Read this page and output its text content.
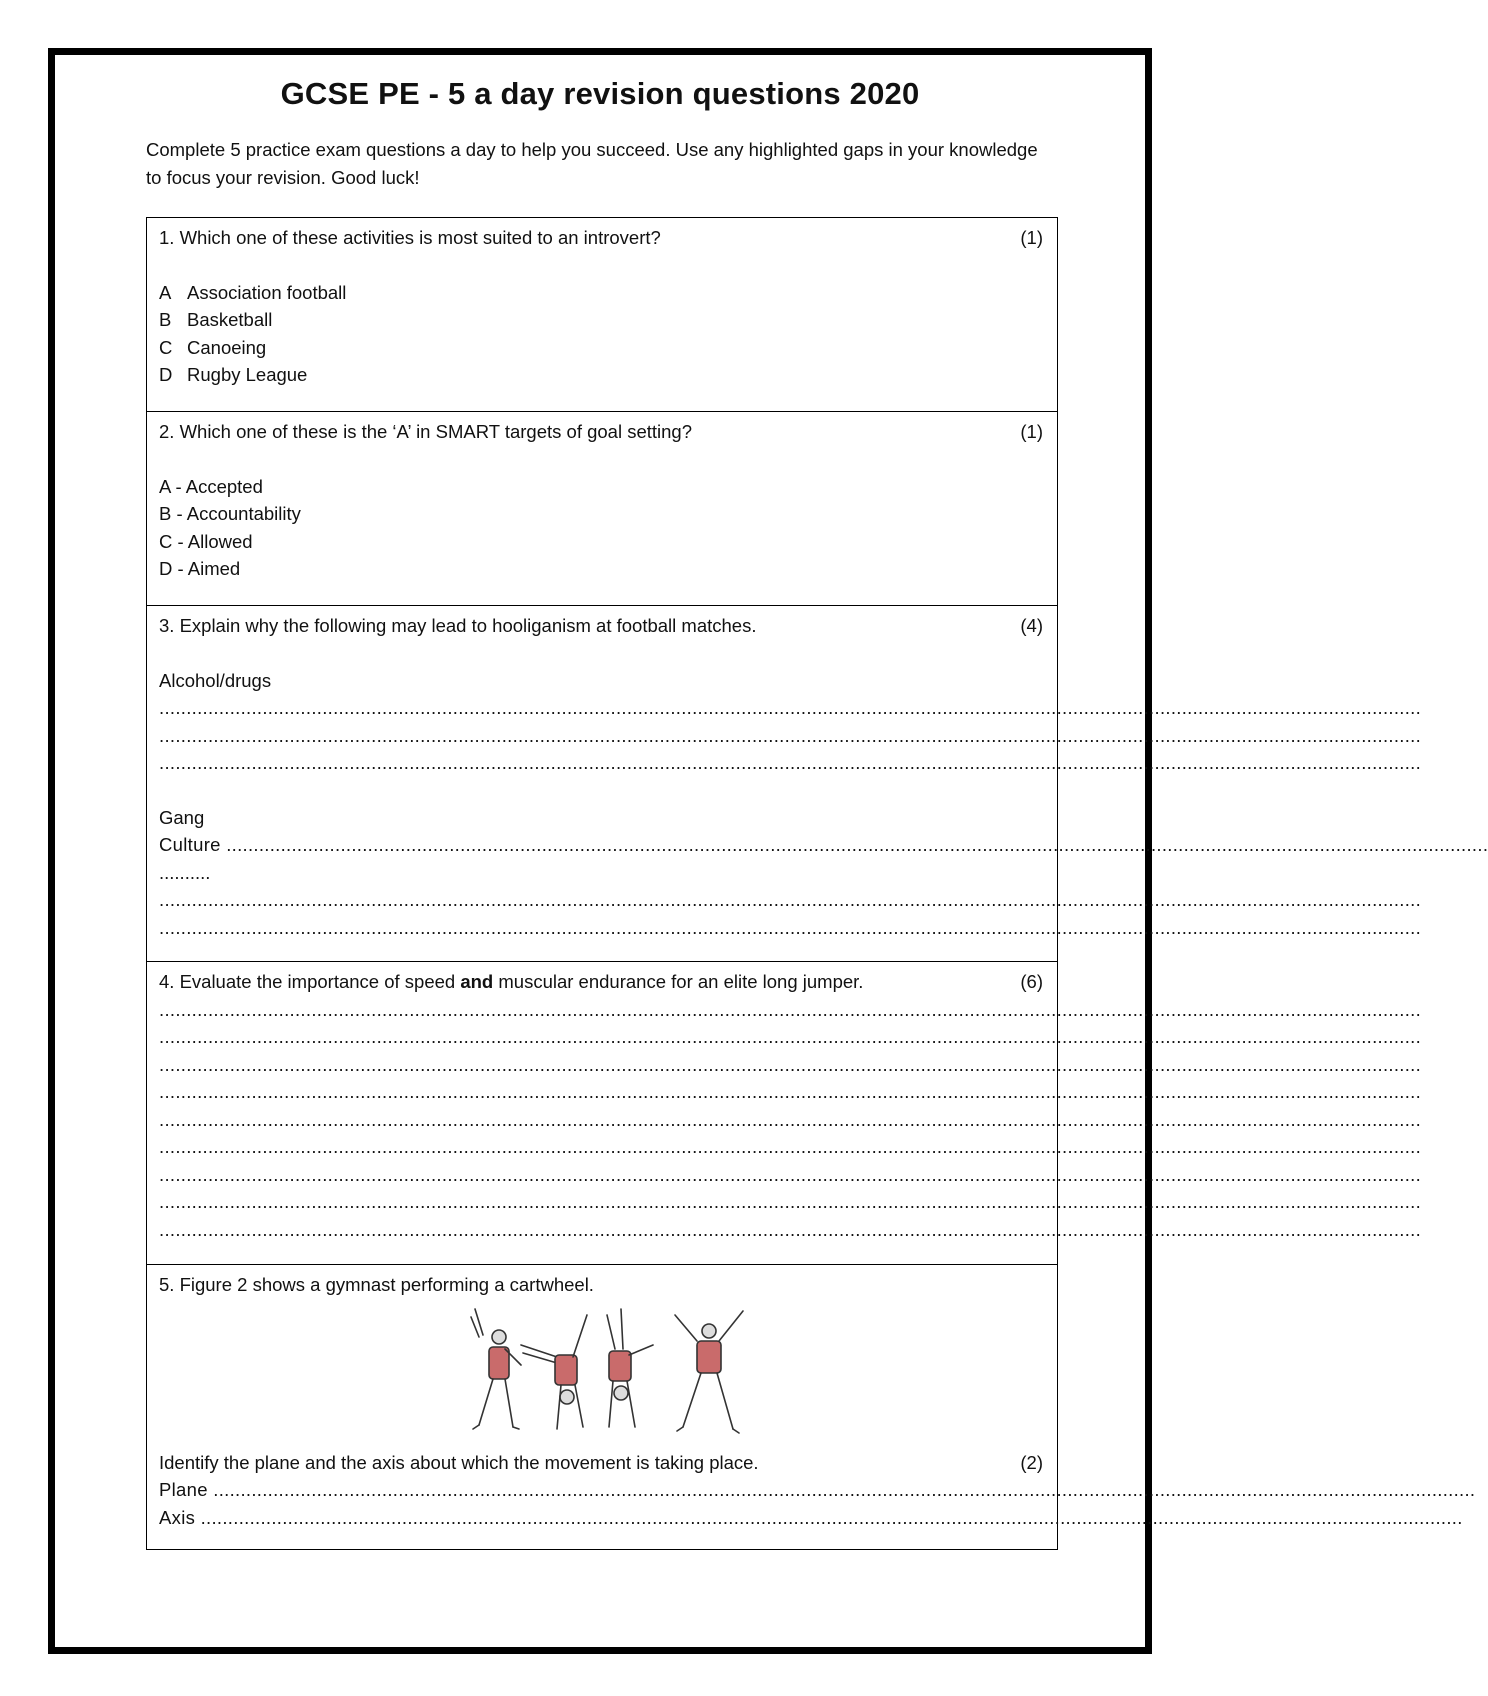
GCSE PE - 5 a day revision questions 2020
Complete 5 practice exam questions a day to help you succeed. Use any highlighted gaps in your knowledge to focus your revision. Good luck!
1. Which one of these activities is most suited to an introvert?	(1)
A Association football
B Basketball
C Canoeing
D Rugby League
2. Which one of these is the ‘A’ in SMART targets of goal setting?	(1)
A - Accepted
B - Accountability
C - Allowed
D - Aimed
3. Explain why the following may lead to hooliganism at football matches.	(4)
Alcohol/drugs
........................................................................................................................................................................................................................................
........................................................................................................................................................................................................................................
........................................................................................................................................................................................................................................
Gang
Culture ........................................................................................................................................................................................................................................
..........
........................................................................................................................................................................................................................................
........................................................................................................................................................................................................................................
4. Evaluate the importance of speed and muscular endurance for an elite long jumper.	(6)
........................................................................................................................................................................................................................................
........................................................................................................................................................................................................................................
........................................................................................................................................................................................................................................
........................................................................................................................................................................................................................................
........................................................................................................................................................................................................................................
........................................................................................................................................................................................................................................
........................................................................................................................................................................................................................................
........................................................................................................................................................................................................................................
........................................................................................................................................................................................................................................
5. Figure 2 shows a gymnast performing a cartwheel.
Identify the plane and the axis about which the movement is taking place.	(2)
Plane ........................................................................................................................................................................................................................................
Axis ........................................................................................................................................................................................................................................
